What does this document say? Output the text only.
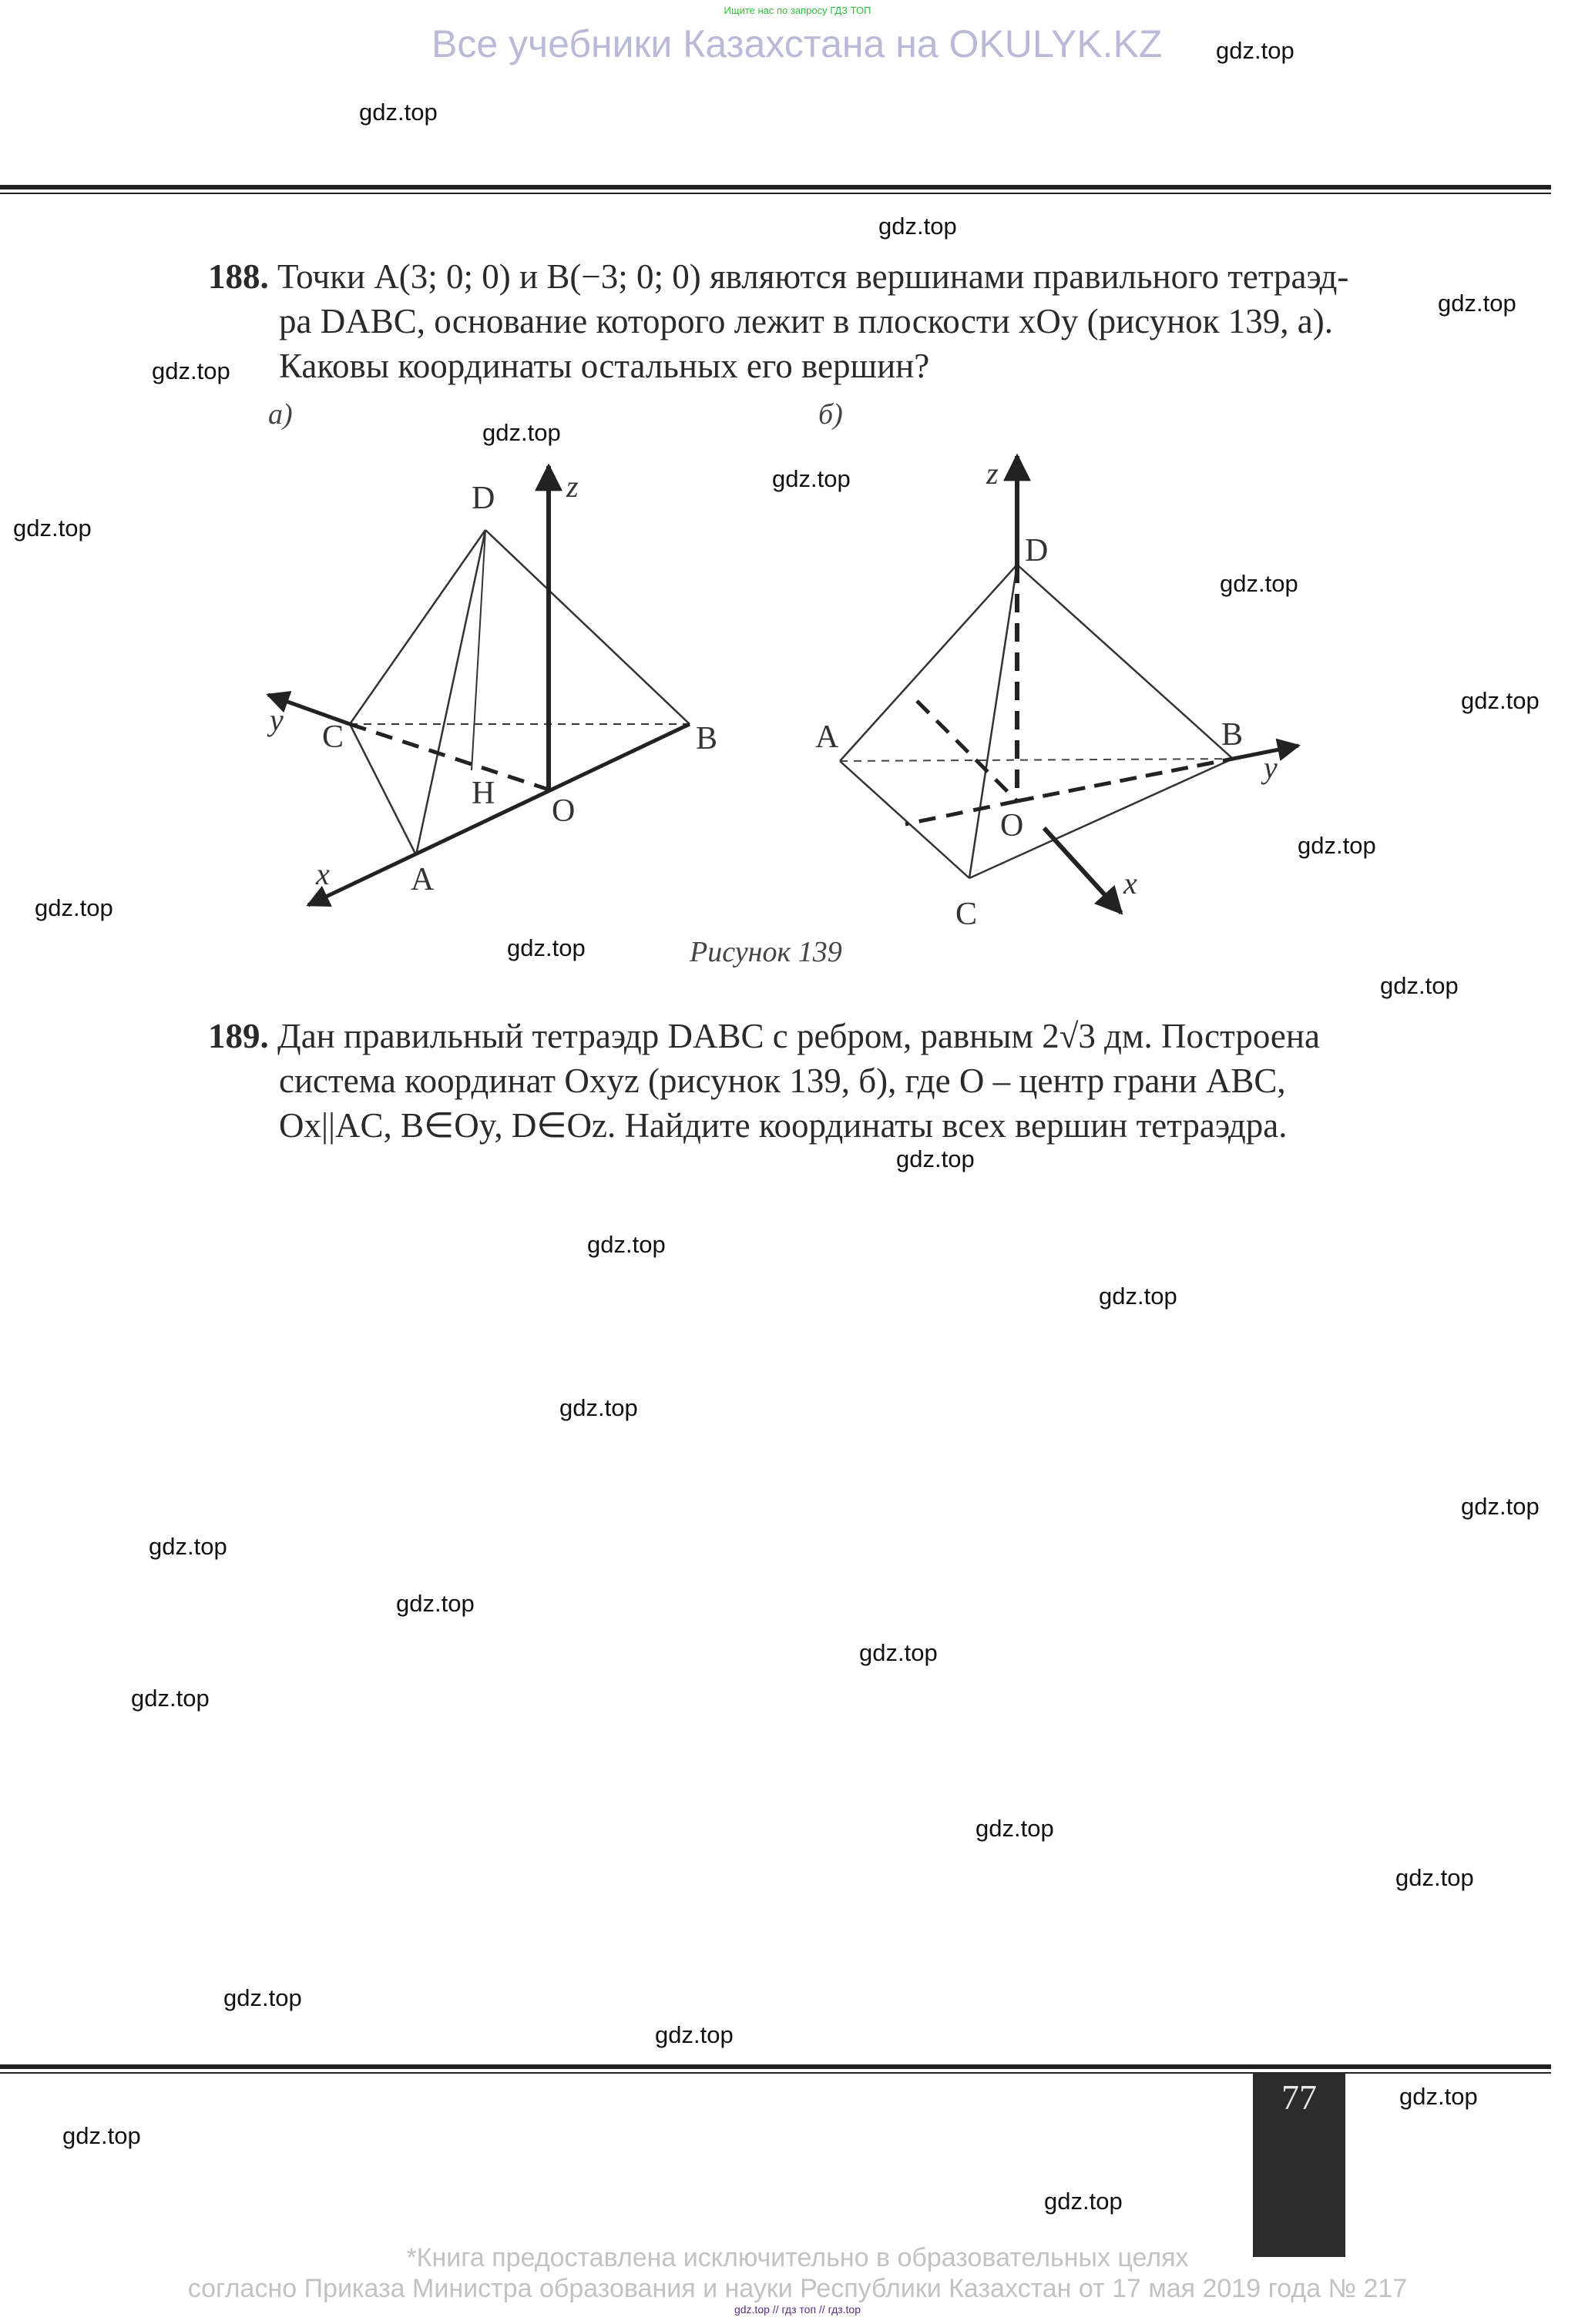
Ищите нас по запросу ГДЗ ТОП
Все учебники Казахстана на OKULYK.KZ
188. Точки A(3; 0; 0) и B(−3; 0; 0) являются вершинами правильного тетраэд-
ра DABC, основание которого лежит в плоскости xOy (рисунок 139, a).
Каковы координаты остальных его вершин?
a)	б)
D z
y C	B
H O
x	A
z
D
A	B
y
O
C
x
Рисунок 139
189. Дан правильный тетраэдр DABC с ребром, равным 2√3 дм. Построена
система координат Oxyz (рисунок 139, б), где O – центр грани ABC,
Ox||AC, B∈Oy, D∈Oz. Найдите координаты всех вершин тетраэдра.
77
gdz.top
gdz.top
gdz.top
gdz.top
gdz.top
gdz.top
gdz.top
gdz.top
gdz.top
gdz.top
gdz.top
gdz.top
gdz.top
gdz.top
gdz.top
gdz.top
gdz.top
gdz.top
gdz.top
gdz.top
gdz.top
gdz.top
gdz.top
gdz.top
gdz.top
gdz.top
gdz.top
gdz.top
gdz.top
gdz.top
*Книга предоставлена исключительно в образовательных целях
согласно Приказа Министра образования и науки Республики Казахстан от 17 мая 2019 года № 217
gdz.top // гдз топ // гдз.top
